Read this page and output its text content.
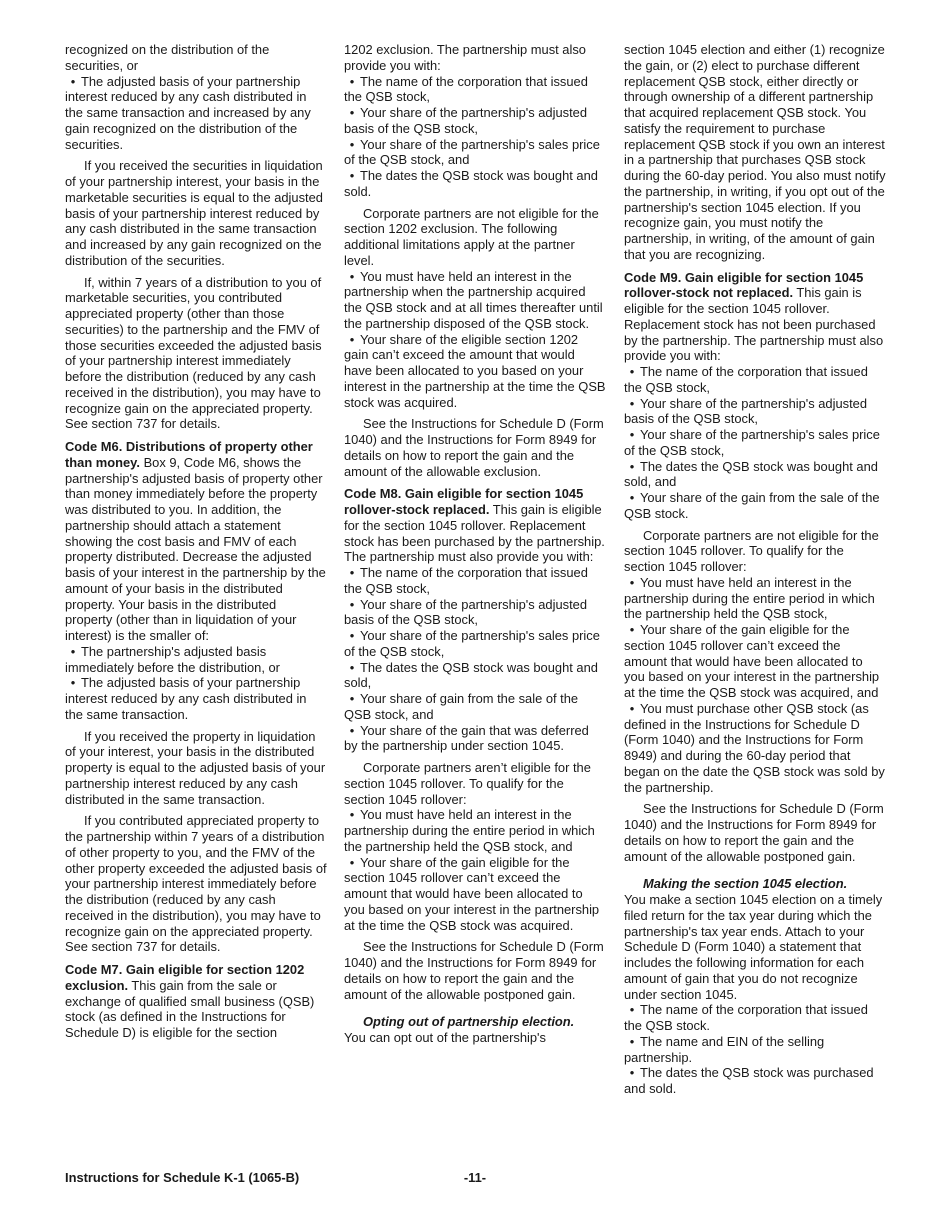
recognized on the distribution of the securities, or

• The adjusted basis of your partnership interest reduced by any cash distributed in the same transaction and increased by any gain recognized on the distribution of the securities.

If you received the securities in liquidation of your partnership interest, your basis in the marketable securities is equal to the adjusted basis of your partnership interest reduced by any cash distributed in the same transaction and increased by any gain recognized on the distribution of the securities.

If, within 7 years of a distribution to you of marketable securities, you contributed appreciated property (other than those securities) to the partnership and the FMV of those securities exceeded the adjusted basis of your partnership interest immediately before the distribution (reduced by any cash received in the distribution), you may have to recognize gain on the appreciated property. See section 737 for details.

Code M6. Distributions of property other than money. Box 9, Code M6, shows the partnership's adjusted basis of property other than money immediately before the property was distributed to you. In addition, the partnership should attach a statement showing the cost basis and FMV of each property distributed. Decrease the adjusted basis of your interest in the partnership by the amount of your basis in the distributed property. Your basis in the distributed property (other than in liquidation of your interest) is the smaller of:

• The partnership's adjusted basis immediately before the distribution, or

• The adjusted basis of your partnership interest reduced by any cash distributed in the same transaction.

If you received the property in liquidation of your interest, your basis in the distributed property is equal to the adjusted basis of your partnership interest reduced by any cash distributed in the same transaction.

If you contributed appreciated property to the partnership within 7 years of a distribution of other property to you, and the FMV of the other property exceeded the adjusted basis of your partnership interest immediately before the distribution (reduced by any cash received in the distribution), you may have to recognize gain on the appreciated property. See section 737 for details.

Code M7. Gain eligible for section 1202 exclusion. This gain from the sale or exchange of qualified small business (QSB) stock (as defined in the Instructions for Schedule D) is eligible for the section

1202 exclusion. The partnership must also provide you with:

• The name of the corporation that issued the QSB stock,

• Your share of the partnership's adjusted basis of the QSB stock,

• Your share of the partnership's sales price of the QSB stock, and

• The dates the QSB stock was bought and sold.

Corporate partners are not eligible for the section 1202 exclusion. The following additional limitations apply at the partner level.

• You must have held an interest in the partnership when the partnership acquired the QSB stock and at all times thereafter until the partnership disposed of the QSB stock.

• Your share of the eligible section 1202 gain can’t exceed the amount that would have been allocated to you based on your interest in the partnership at the time the QSB stock was acquired.

See the Instructions for Schedule D (Form 1040) and the Instructions for Form 8949 for details on how to report the gain and the amount of the allowable exclusion.

Code M8. Gain eligible for section 1045 rollover-stock replaced. This gain is eligible for the section 1045 rollover. Replacement stock has been purchased by the partnership. The partnership must also provide you with:

• The name of the corporation that issued the QSB stock,

• Your share of the partnership's adjusted basis of the QSB stock,

• Your share of the partnership's sales price of the QSB stock,

• The dates the QSB stock was bought and sold,

• Your share of gain from the sale of the QSB stock, and

• Your share of the gain that was deferred by the partnership under section 1045.

Corporate partners aren’t eligible for the section 1045 rollover. To qualify for the section 1045 rollover:

• You must have held an interest in the partnership during the entire period in which the partnership held the QSB stock, and

• Your share of the gain eligible for the section 1045 rollover can’t exceed the amount that would have been allocated to you based on your interest in the partnership at the time the QSB stock was acquired.

See the Instructions for Schedule D (Form 1040) and the Instructions for Form 8949 for details on how to report the gain and the amount of the allowable postponed gain.

Opting out of partnership election.

You can opt out of the partnership's

section 1045 election and either (1) recognize the gain, or (2) elect to purchase different replacement QSB stock, either directly or through ownership of a different partnership that acquired replacement QSB stock. You satisfy the requirement to purchase replacement QSB stock if you own an interest in a partnership that purchases QSB stock during the 60-day period. You also must notify the partnership, in writing, if you opt out of the partnership's section 1045 election. If you recognize gain, you must notify the partnership, in writing, of the amount of gain that you are recognizing.

Code M9. Gain eligible for section 1045 rollover-stock not replaced. This gain is eligible for the section 1045 rollover. Replacement stock has not been purchased by the partnership. The partnership must also provide you with:

• The name of the corporation that issued the QSB stock,

• Your share of the partnership's adjusted basis of the QSB stock,

• Your share of the partnership's sales price of the QSB stock,

• The dates the QSB stock was bought and sold, and

• Your share of the gain from the sale of the QSB stock.

Corporate partners are not eligible for the section 1045 rollover. To qualify for the section 1045 rollover:

• You must have held an interest in the partnership during the entire period in which the partnership held the QSB stock,

• Your share of the gain eligible for the section 1045 rollover can’t exceed the amount that would have been allocated to you based on your interest in the partnership at the time the QSB stock was acquired, and

• You must purchase other QSB stock (as defined in the Instructions for Schedule D (Form 1040) and the Instructions for Form 8949) and during the 60-day period that began on the date the QSB stock was sold by the partnership.

See the Instructions for Schedule D (Form 1040) and the Instructions for Form 8949 for details on how to report the gain and the amount of the allowable postponed gain.

Making the section 1045 election.

You make a section 1045 election on a timely filed return for the tax year during which the partnership's tax year ends. Attach to your Schedule D (Form 1040) a statement that includes the following information for each amount of gain that you do not recognize under section 1045.

• The name of the corporation that issued the QSB stock.

• The name and EIN of the selling partnership.

• The dates the QSB stock was purchased and sold.

Instructions for Schedule K-1 (1065-B)	-11-
